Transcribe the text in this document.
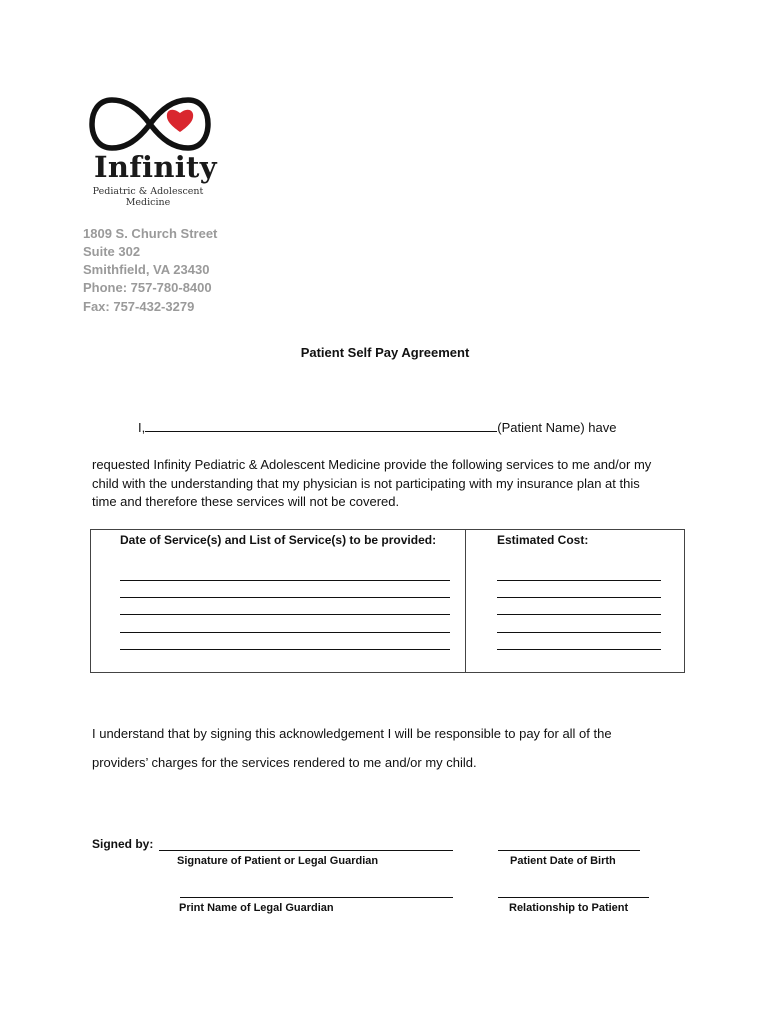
Infinity
Pediatric & Adolescent
Medicine
1809 S. Church Street
Suite 302
Smithfield, VA 23430
Phone: 757-780-8400
Fax: 757-432-3279
Patient Self Pay Agreement
I,	(Patient Name) have
requested Infinity Pediatric & Adolescent Medicine provide the following services to me and/or my
child with the understanding that my physician is not participating with my insurance plan at this
time and therefore these services will not be covered.
Date of Service(s) and List of Service(s) to be provided:	Estimated Cost:
I understand that by signing this acknowledgement I will be responsible to pay for all of the
providers’ charges for the services rendered to me and/or my child.
Signed by:
Signature of Patient or Legal Guardian	Patient Date of Birth
Print Name of Legal Guardian	Relationship to Patient
